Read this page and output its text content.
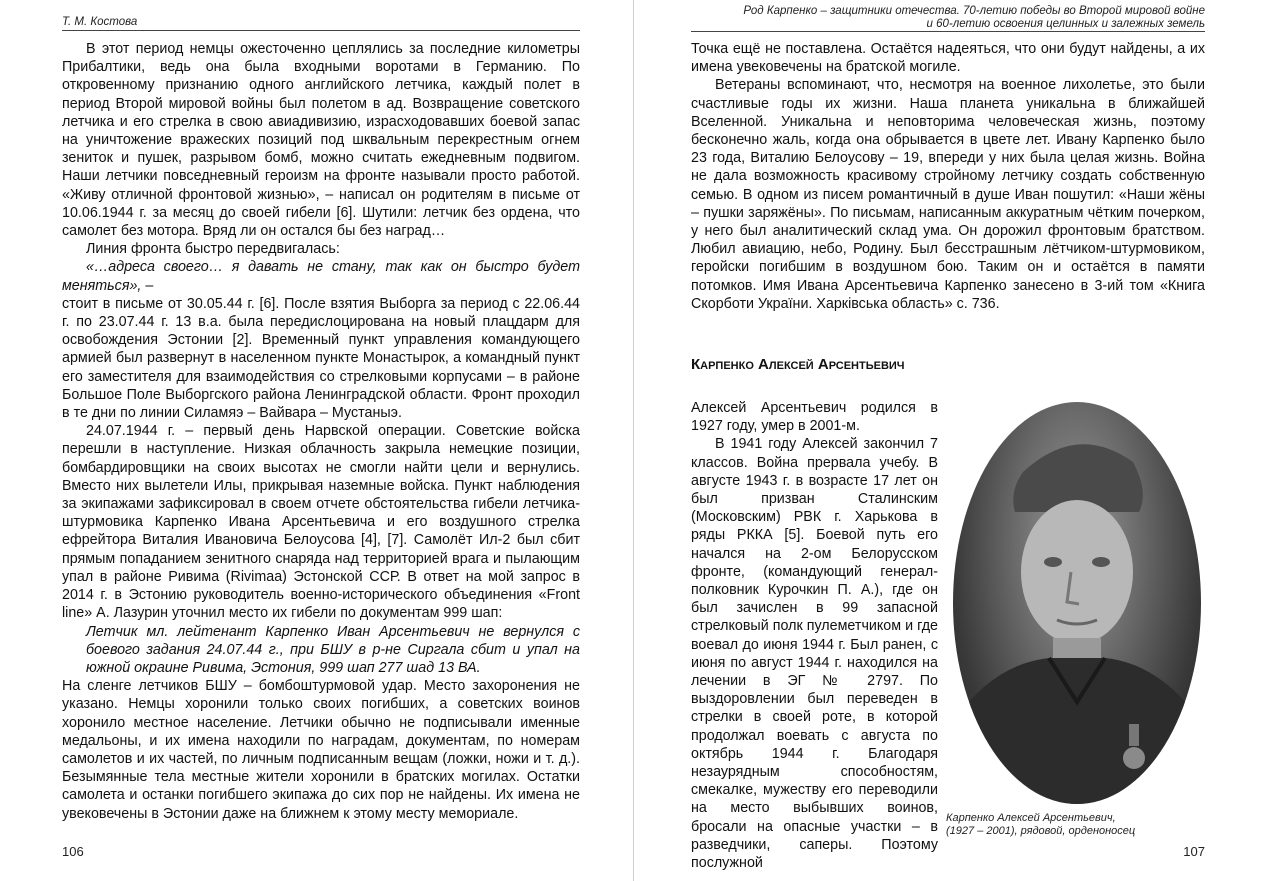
Т. М. Костова

В этот период немцы ожесточенно цеплялись за последние километры Прибалтики, ведь она была входными воротами в Германию. По откровенному признанию одного английского летчика, каждый полет в период Второй мировой войны был полетом в ад. Возвращение советского летчика и его стрелка в свою авиадивизию, израсходовавших боевой запас на уничтожение вражеских позиций под шквальным перекрестным огнем зениток и пушек, разрывом бомб, можно считать ежедневным подвигом. Наши летчики повседневный героизм на фронте называли просто работой. «Живу отличной фронтовой жизнью», – написал он родителям в письме от 10.06.1944 г. за месяц до своей гибели [6]. Шутили: летчик без ордена, что самолет без мотора. Вряд ли он остался бы без наград…

Линия фронта быстро передвигалась:

«…адреса своего… я давать не стану, так как он быстро будет меняться», –

стоит в письме от 30.05.44 г. [6]. После взятия Выборга за период с 22.06.44 г. по 23.07.44 г. 13 в.а. была передислоцирована на новый плацдарм для освобождения Эстонии [2]. Временный пункт управления командующего армией был развернут в населенном пункте Монастырок, а командный пункт его заместителя для взаимодействия со стрелковыми корпусами – в районе Большое Поле Выборгского района Ленинградской области. Фронт проходил в те дни по линии Силамяэ – Вайвара – Мустаныэ.

24.07.1944 г. – первый день Нарвской операции. Советские войска перешли в наступление. Низкая облачность закрыла немецкие позиции, бомбардировщики на своих высотах не смогли найти цели и вернулись. Вместо них вылетели Илы, прикрывая наземные войска. Пункт наблюдения за экипажами зафиксировал в своем отчете обстоятельства гибели летчика-штурмовика Карпенко Ивана Арсентьевича и его воздушного стрелка ефрейтора Виталия Ивановича Белоусова [4], [7]. Самолёт Ил-2 был сбит прямым попаданием зенитного снаряда над территорией врага и пылающим упал в районе Ривима (Rivimaa) Эстонской ССР. В ответ на мой запрос в 2014 г. в Эстонию руководитель военно-исторического объединения «Front line» А. Лазурин уточнил место их гибели по документам 999 шап:

Летчик мл. лейтенант Карпенко Иван Арсентьевич не вернулся с боевого задания 24.07.44 г., при БШУ в р-не Сиргала сбит и упал на южной окраине Ривима, Эстония, 999 шап 277 шад 13 ВА.

На сленге летчиков БШУ – бомбоштурмовой удар. Место захоронения не указано. Немцы хоронили только своих погибших, а советских воинов хоронило местное население. Летчики обычно не подписывали именные медальоны, и их имена находили по наградам, документам, по номерам самолетов и их частей, по личным подписанным вещам (ложки, ножи и т. д.). Безымянные тела местные жители хоронили в братских могилах. Остатки самолета и останки погибшего экипажа до сих пор не найдены. Их имена не увековечены в Эстонии даже на ближнем к этому месту мемориале.

106
Род Карпенко – защитники отечества. 70-летию победы во Второй мировой войне
и 60-летию освоения целинных и залежных земель

Точка ещё не поставлена. Остаётся надеяться, что они будут найдены, а их имена увековечены на братской могиле.

Ветераны вспоминают, что, несмотря на военное лихолетье, это были счастливые годы их жизни. Наша планета уникальна в ближайшей Вселенной. Уникальна и неповторима человеческая жизнь, поэтому бесконечно жаль, когда она обрывается в цвете лет. Ивану Карпенко было 23 года, Виталию Белоусову – 19, впереди у них была целая жизнь. Война не дала возможность красивому стройному летчику создать собственную семью. В одном из писем романтичный в душе Иван пошутил: «Наши жёны – пушки заряжёны». По письмам, написанным аккуратным чётким почерком, у него был аналитический склад ума. Он дорожил фронтовым братством. Любил авиацию, небо, Родину. Был бесстрашным лётчиком-штурмовиком, геройски погибшим в воздушном бою. Таким он и остаётся в памяти потомков. Имя Ивана Арсентьевича Карпенко занесено в 3-ий том «Книга Скорботи України. Харківська область» с. 736.

Карпенко Алексей Арсентьевич

Алексей Арсентьевич родился в 1927 году, умер в 2001-м.

В 1941 году Алексей закончил 7 классов. Война прервала учебу. В августе 1943 г. в возрасте 17 лет он был призван Сталинским (Московским) РВК г. Харькова в ряды РККА [5]. Боевой путь его начался на 2-ом Белорусском фронте, (командующий генерал-полковник Курочкин П. А.), где он был зачислен в 99 запасной стрелковый полк пулеметчиком и где воевал до июня 1944 г. Был ранен, с июня по август 1944 г. находился на лечении в ЭГ № 2797. По выздоровлении был переведен в стрелки в своей роте, в которой продолжал воевать с августа по октябрь 1944 г. Благодаря незаурядным способностям, смекалке, мужеству его переводили на место выбывших воинов, бросали на опасные участки – в разведчики, саперы. Поэтому послужной

Карпенко Алексей Арсентьевич,
(1927 – 2001), рядовой, орденоносец
107
